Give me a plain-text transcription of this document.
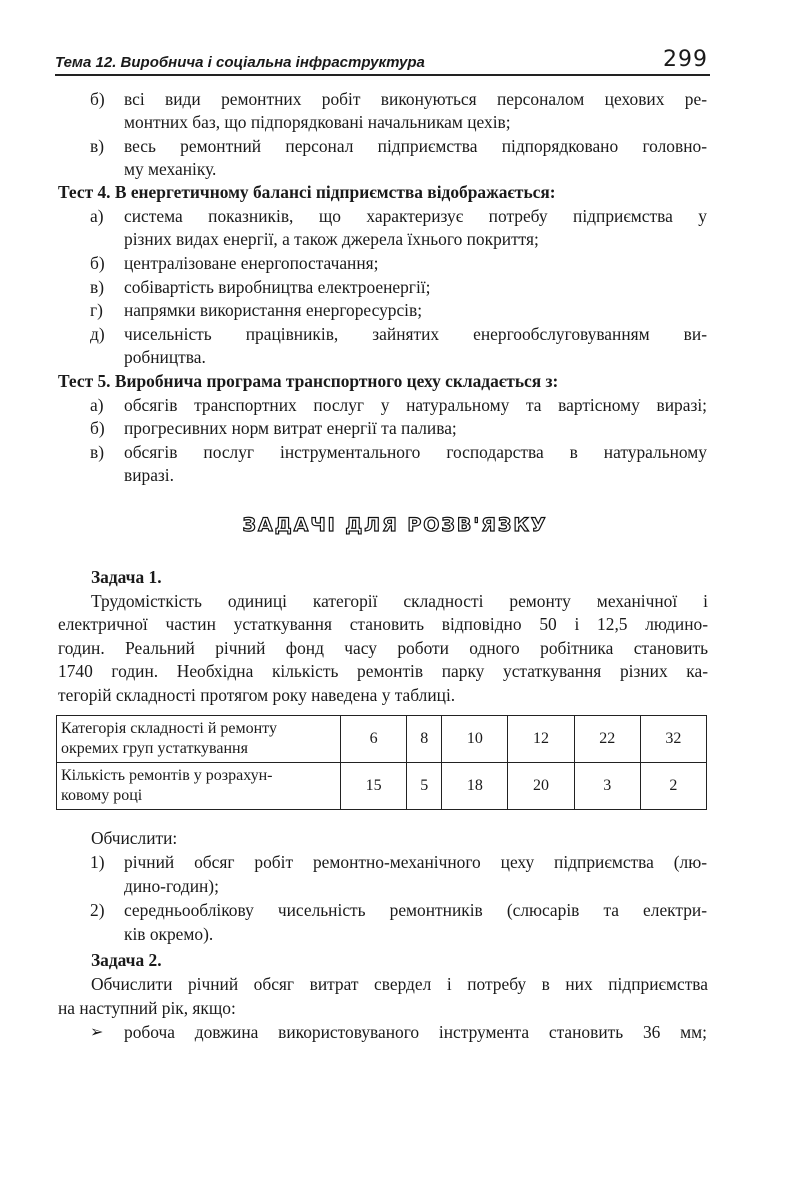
Тема 12. Виробнича і соціальна інфраструктура	299
б) всі види ремонтних робіт виконуються персоналом цехових ре-
монтних баз, що підпорядковані начальникам цехів;
в) весь ремонтний персонал підприємства підпорядковано головно-
му механіку.
Тест 4. В енергетичному балансі підприємства відображається:
а) система показників, що характеризує потребу підприємства у
різних видах енергії, а також джерела їхнього покриття;
б) централізоване енергопостачання;
в) собівартість виробництва електроенергії;
г) напрямки використання енергоресурсів;
д) чисельність працівників, зайнятих енергообслуговуванням ви-
робництва.
Тест 5. Виробнича програма транспортного цеху складається з:
а) обсягів транспортних послуг у натуральному та вартісному виразі;
б) прогресивних норм витрат енергії та палива;
в) обсягів послуг інструментального господарства в натуральному
виразі.
ЗАДАЧІ ДЛЯ РОЗВ'ЯЗКУ
Задача 1.
Трудомісткість одиниці категорії складності ремонту механічної і
електричної частин устаткування становить відповідно 50 і 12,5 людино-
годин. Реальний річний фонд часу роботи одного робітника становить
1740 годин. Необхідна кількість ремонтів парку устаткування різних ка-
тегорій складності протягом року наведена у таблиці.
Категорія складності й ремонту
окремих груп устаткування	6	8	10	12	22	32
Кількість ремонтів у розрахун-
ковому році	15	5	18	20	3	2
Обчислити:
1) річний обсяг робіт ремонтно-механічного цеху підприємства (лю-
дино-годин);
2) середньооблікову чисельність ремонтників (слюсарів та електри-
ків окремо).
Задача 2.
Обчислити річний обсяг витрат свердел і потребу в них підприємства
на наступний рік, якщо:
➢ робоча довжина використовуваного інструмента становить 36 мм;
